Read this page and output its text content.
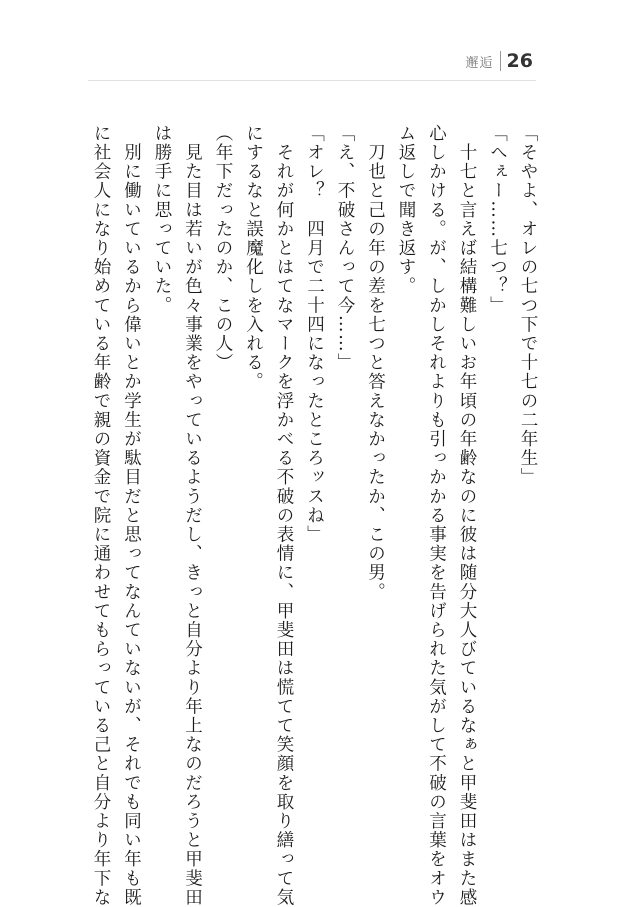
邂逅 26
「そやよ、オレの七つ下で十七の二年生」
「へぇー……七つ？」
　十七と言えば結構難しいお年頃の年齢なのに彼は随分大人びているなぁと甲斐田はまた感
心しかける。が、しかしそれよりも引っかかる事実を告げられた気がして不破の言葉をオウ
ム返しで聞き返す。
　刀也と己の年の差を七つと答えなかったか、この男。
「え、不破さんって今……」
「オレ？　四月で二十四になったところッスね」
　それが何かとはてなマークを浮かべる不破の表情に、甲斐田は慌てて笑顔を取り繕って気
にするなと誤魔化しを入れる。
（年下だったのか、この人）
　見た目は若いが色々事業をやっているようだし、きっと自分より年上なのだろうと甲斐田
は勝手に思っていた。
　別に働いているから偉いとか学生が駄目だと思ってなんていないが、それでも同い年も既
に社会人になり始めている年齢で親の資金で院に通わせてもらっている己と自分より年下な
